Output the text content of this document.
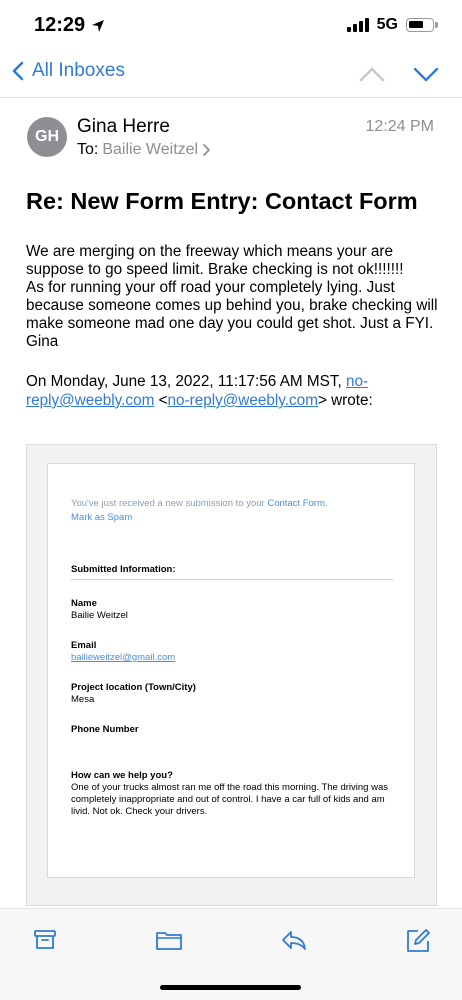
12:29	5G
All Inboxes
GH Gina Herre
To: Bailie Weitzel
12:24 PM
Re: New Form Entry: Contact Form

We are merging on the freeway which means your are suppose to go speed limit. Brake checking is not ok!!!!!!!

As for running your off road your completely lying. Just because someone comes up behind you, brake checking will make someone mad one day you could get shot. Just a FYI.

Gina

On Monday, June 13, 2022, 11:17:56 AM MST, no-reply@weebly.com <no-reply@weebly.com> wrote:
You've just received a new submission to your Contact Form.
Mark as Spam
Submitted Information:
Name
Bailie Weitzel
Email
bailieweitzel@gmail.com
Project location (Town/City)
Mesa
Phone Number
How can we help you?
One of your trucks almost ran me off the road this morning. The driving was completely inappropriate and out of control. I have a car full of kids and am livid. Not ok. Check your drivers.
